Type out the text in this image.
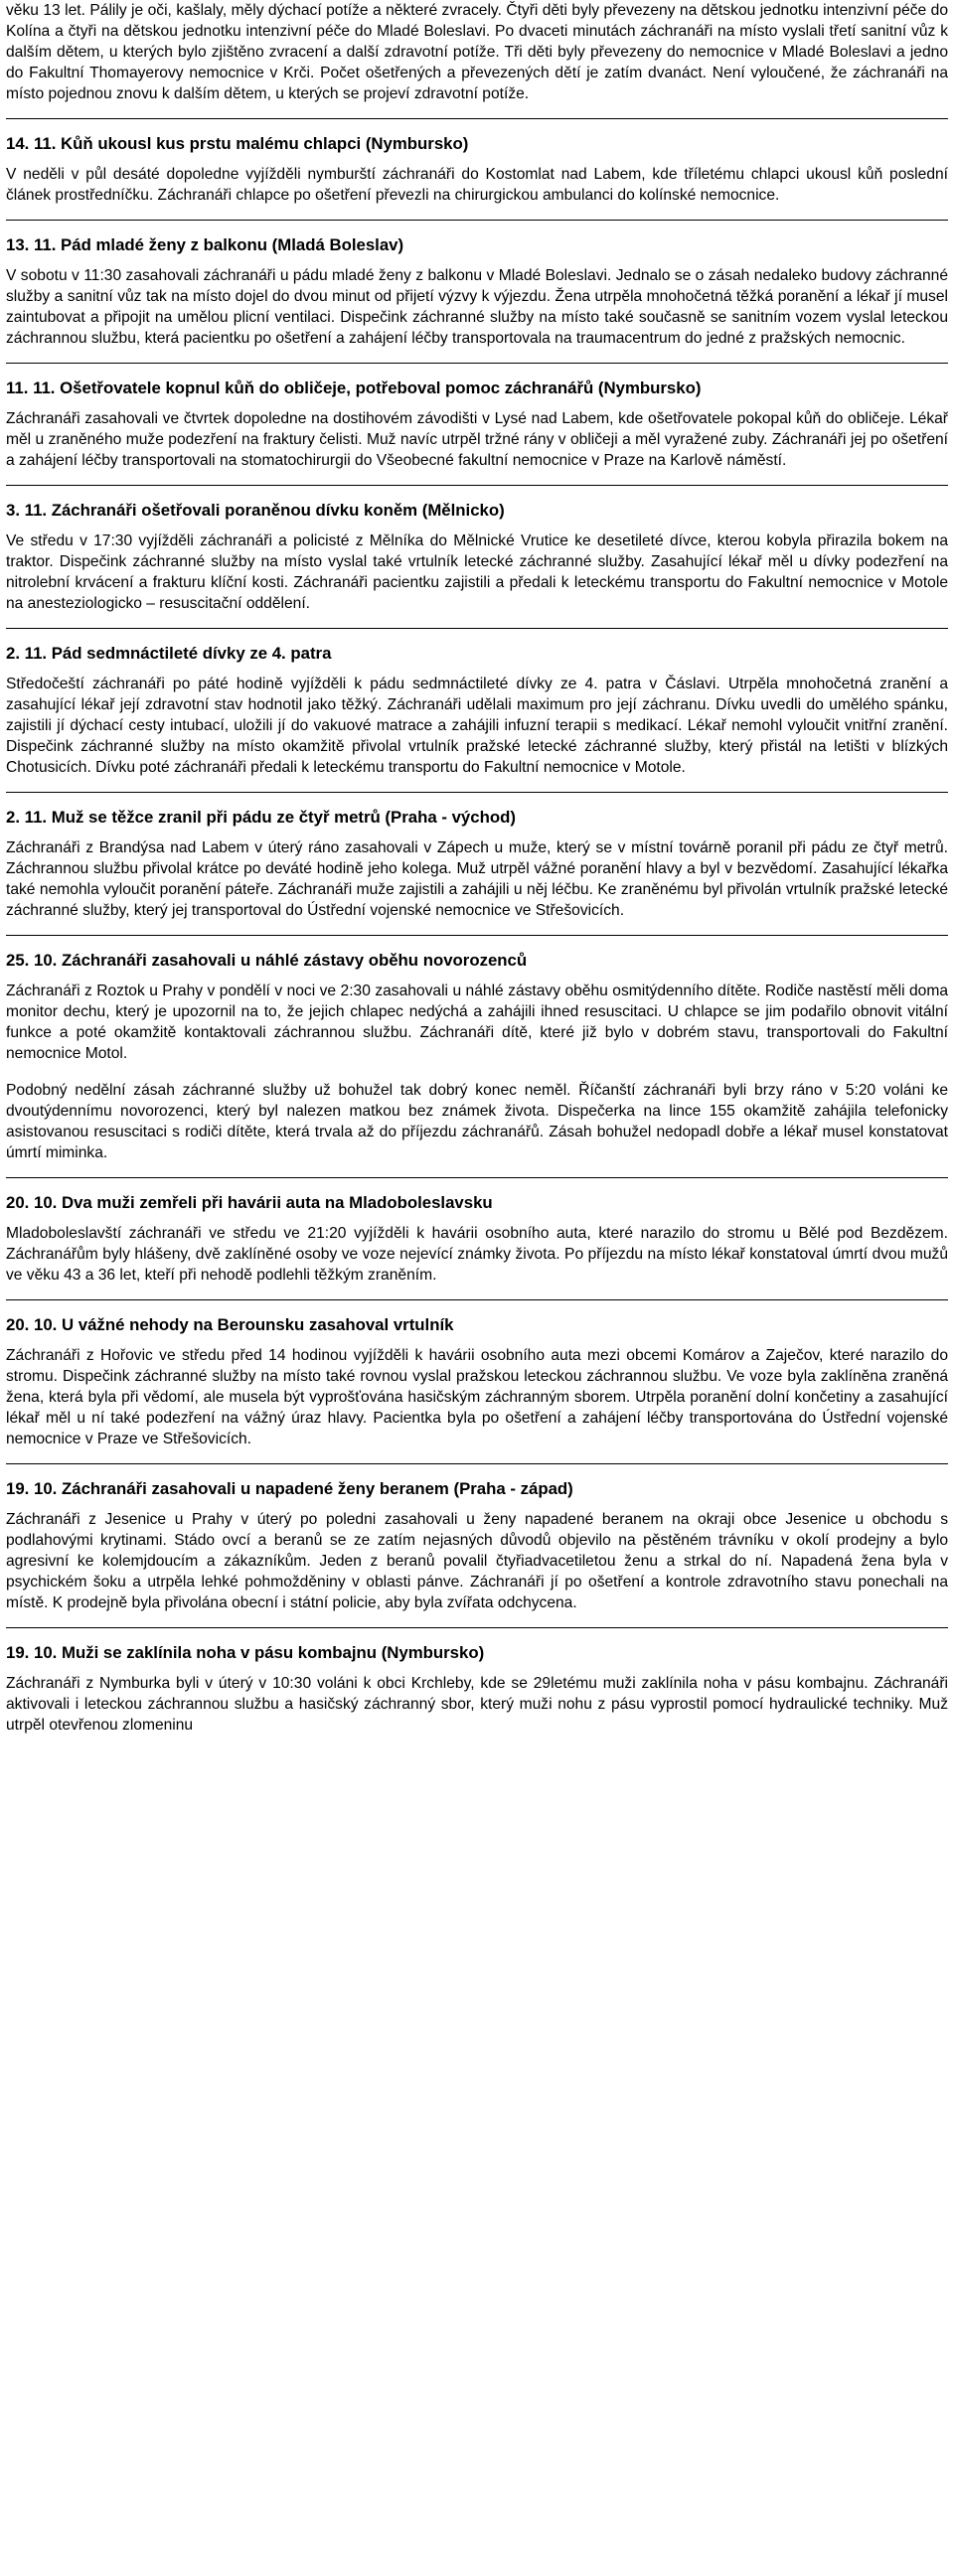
věku 13 let. Pálily je oči, kašlaly, měly dýchací potíže a některé zvracely. Čtyři děti byly převezeny na dětskou jednotku intenzivní péče do Kolína a čtyři na dětskou jednotku intenzivní péče do Mladé Boleslavi. Po dvaceti minutách záchranáři na místo vyslali třetí sanitní vůz k dalším dětem, u kterých bylo zjištěno zvracení a další zdravotní potíže. Tři děti byly převezeny do nemocnice v Mladé Boleslavi a jedno do Fakultní Thomayerovy nemocnice v Krči. Počet ošetřených a převezených dětí je zatím dvanáct. Není vyloučené, že záchranáři na místo pojednou znovu k dalším dětem, u kterých se projeví zdravotní potíže.

14. 11. Kůň ukousl kus prstu malému chlapci (Nymbursko)

V neděli v půl desáté dopoledne vyjížděli nymburští záchranáři do Kostomlat nad Labem, kde tříletému chlapci ukousl kůň poslední článek prostředníčku. Záchranáři chlapce po ošetření převezli na chirurgickou ambulanci do kolínské nemocnice.

13. 11. Pád mladé ženy z balkonu (Mladá Boleslav)

V sobotu v 11:30 zasahovali záchranáři u pádu mladé ženy z balkonu v Mladé Boleslavi. Jednalo se o zásah nedaleko budovy záchranné služby a sanitní vůz tak na místo dojel do dvou minut od přijetí výzvy k výjezdu. Žena utrpěla mnohočetná těžká poranění a lékař jí musel zaintubovat a připojit na umělou plicní ventilaci. Dispečink záchranné služby na místo také současně se sanitním vozem vyslal leteckou záchrannou službu, která pacientku po ošetření a zahájení léčby transportovala na traumacentrum do jedné z pražských nemocnic.

11. 11. Ošetřovatele kopnul kůň do obličeje, potřeboval pomoc záchranářů (Nymbursko)

Záchranáři zasahovali ve čtvrtek dopoledne na dostihovém závodišti v Lysé nad Labem, kde ošetřovatele pokopal kůň do obličeje. Lékař měl u zraněného muže podezření na fraktury čelisti. Muž navíc utrpěl tržné rány v obličeji a měl vyražené zuby. Záchranáři jej po ošetření a zahájení léčby transportovali na stomatochirurgii do Všeobecné fakultní nemocnice v Praze na Karlově náměstí.

3. 11. Záchranáři ošetřovali poraněnou dívku koněm (Mělnicko)

Ve středu v 17:30 vyjížděli záchranáři a policisté z Mělníka do Mělnické Vrutice ke desetileté dívce, kterou kobyla přirazila bokem na traktor. Dispečink záchranné služby na místo vyslal také vrtulník letecké záchranné služby. Zasahující lékař měl u dívky podezření na nitrolební krvácení a frakturu klíční kosti. Záchranáři pacientku zajistili a předali k leteckému transportu do Fakultní nemocnice v Motole na anesteziologicko – resuscitační oddělení.

2. 11. Pád sedmnáctileté dívky ze 4. patra

Středočeští záchranáři po páté hodině vyjížděli k pádu sedmnáctileté dívky ze 4. patra v Čáslavi. Utrpěla mnohočetná zranění a zasahující lékař její zdravotní stav hodnotil jako těžký. Záchranáři udělali maximum pro její záchranu. Dívku uvedli do umělého spánku, zajistili jí dýchací cesty intubací, uložili jí do vakuové matrace a zahájili infuzní terapii s medikací. Lékař nemohl vyloučit vnitřní zranění. Dispečink záchranné služby na místo okamžitě přivolal vrtulník pražské letecké záchranné služby, který přistál na letišti v blízkých Chotusicích. Dívku poté záchranáři předali k leteckému transportu do Fakultní nemocnice v Motole.

2. 11. Muž se těžce zranil při pádu ze čtyř metrů (Praha - východ)

Záchranáři z Brandýsa nad Labem v úterý ráno zasahovali v Zápech u muže, který se v místní továrně poranil při pádu ze čtyř metrů. Záchrannou službu přivolal krátce po deváté hodině jeho kolega. Muž utrpěl vážné poranění hlavy a byl v bezvědomí. Zasahující lékařka také nemohla vyloučit poranění páteře. Záchranáři muže zajistili a zahájili u něj léčbu. Ke zraněnému byl přivolán vrtulník pražské letecké záchranné služby, který jej transportoval do Ústřední vojenské nemocnice ve Střešovicích.

25. 10. Záchranáři zasahovali u náhlé zástavy oběhu novorozenců

Záchranáři z Roztok u Prahy v pondělí v noci ve 2:30 zasahovali u náhlé zástavy oběhu osmitýdenního dítěte. Rodiče nastěstí měli doma monitor dechu, který je upozornil na to, že jejich chlapec nedýchá a zahájili ihned resuscitaci. U chlapce se jim podařilo obnovit vitální funkce a poté okamžitě kontaktovali záchrannou službu. Záchranáři dítě, které již bylo v dobrém stavu, transportovali do Fakultní nemocnice Motol.

Podobný nedělní zásah záchranné služby už bohužel tak dobrý konec neměl. Říčanští záchranáři byli brzy ráno v 5:20 voláni ke dvoutýdennímu novorozenci, který byl nalezen matkou bez známek života. Dispečerka na lince 155 okamžitě zahájila telefonicky asistovanou resuscitaci s rodiči dítěte, která trvala až do příjezdu záchranářů. Zásah bohužel nedopadl dobře a lékař musel konstatovat úmrtí miminka.

20. 10. Dva muži zemřeli při havárii auta na Mladoboleslavsku

Mladoboleslavští záchranáři ve středu ve 21:20 vyjížděli k havárii osobního auta, které narazilo do stromu u Bělé pod Bezdězem. Záchranářům byly hlášeny, dvě zaklíněné osoby ve voze nejevící známky života. Po příjezdu na místo lékař konstatoval úmrtí dvou mužů ve věku 43 a 36 let, kteří při nehodě podlehli těžkým zraněním.

20. 10. U vážné nehody na Berounsku zasahoval vrtulník

Záchranáři z Hořovic ve středu před 14 hodinou vyjížděli k havárii osobního auta mezi obcemi Komárov a Zaječov, které narazilo do stromu. Dispečink záchranné služby na místo také rovnou vyslal pražskou leteckou záchrannou službu. Ve voze byla zaklíněna zraněná žena, která byla při vědomí, ale musela být vyprošťována hasičským záchranným sborem. Utrpěla poranění dolní končetiny a zasahující lékař měl u ní také podezření na vážný úraz hlavy. Pacientka byla po ošetření a zahájení léčby transportována do Ústřední vojenské nemocnice v Praze ve Střešovicích.

19. 10. Záchranáři zasahovali u napadené ženy beranem (Praha - západ)

Záchranáři z Jesenice u Prahy v úterý po poledni zasahovali u ženy napadené beranem na okraji obce Jesenice u obchodu s podlahovými krytinami. Stádo ovcí a beranů se ze zatím nejasných důvodů objevilo na pěstěném trávníku v okolí prodejny a bylo agresivní ke kolemjdoucím a zákazníkům. Jeden z beranů povalil čtyřiadvacetiletou ženu a strkal do ní. Napadená žena byla v psychickém šoku a utrpěla lehké pohmožděniny v oblasti pánve. Záchranáři jí po ošetření a kontrole zdravotního stavu ponechali na místě. K prodejně byla přivolána obecní i státní policie, aby byla zvířata odchycena.

19. 10. Muži se zaklínila noha v pásu kombajnu (Nymbursko)

Záchranáři z Nymburka byli v úterý v 10:30 voláni k obci Krchleby, kde se 29letému muži zaklínila noha v pásu kombajnu. Záchranáři aktivovali i leteckou záchrannou službu a hasičský záchranný sbor, který muži nohu z pásu vyprostil pomocí hydraulické techniky. Muž utrpěl otevřenou zlomeninu
